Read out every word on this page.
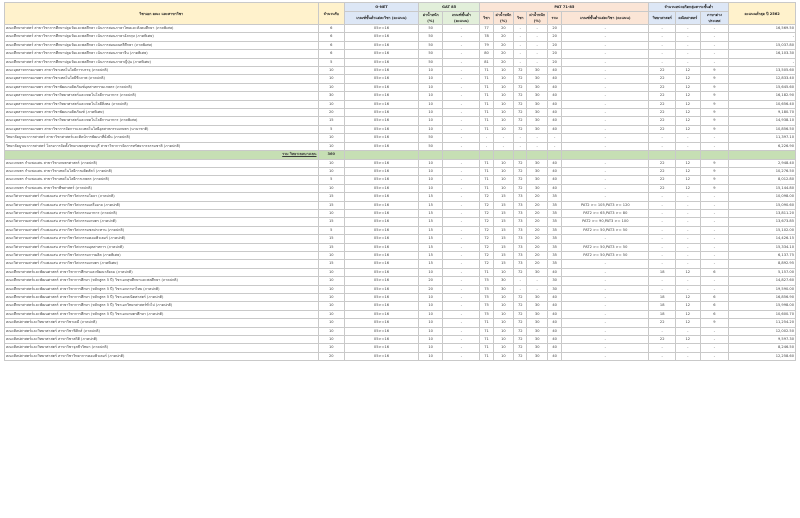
วิชาเอก คณะ และสาขาวิชา	จำนวนรับ	O-NET	GAT 85		PAT 71-85						จำนวนหน่วยกิตกลุ่มสาระขั้นต่ำ			คะแนนต่ำสุด ปี 2562
		เกณฑ์ขั้นต่ำแต่ละวิชา (คะแนน)	ค่าน้ำหนัก (%)	เกณฑ์ขั้นต่ำ (คะแนน)	วิชา	ค่าน้ำหนัก (%)	วิชา	ค่าน้ำหนัก (%)	รวม	เกณฑ์ขั้นต่ำแต่ละวิชา (คะแนน)	วิทยาศาสตร์	คณิตศาสตร์	ภาษาต่างประเทศ	

คณะศึกษาศาสตร์ สาขาวิชาการศึกษาปฐมวัยและพลศึกษา เน้นการสอนภาษาไทยและสังคมศึกษา (ภาคพิเศษ)	6	05>=16	50	-	77	20	-	-	20	-	-	-	-	16,569.50
คณะศึกษาศาสตร์ สาขาวิชาการศึกษาปฐมวัยและพลศึกษา เน้นการสอนภาษาอังกฤษ (ภาคพิเศษ)	6	05>=16	50	-	78	20	-	-	20	-	-	-	-	-
คณะศึกษาศาสตร์ สาขาวิชาการศึกษาปฐมวัยและพลศึกษา เน้นการสอนดนตรีศึกษา (ภาคพิเศษ)	6	05>=16	50	-	79	20	-	-	20	-	-	-	-	15,037.80
คณะศึกษาศาสตร์ สาขาวิชาการศึกษาปฐมวัยและพลศึกษา เน้นการสอนภาษาจีน (ภาคพิเศษ)	6	05>=16	50	-	80	20	-	-	20	-	-	-	-	16,103.30
คณะศึกษาศาสตร์ สาขาวิชาการศึกษาปฐมวัยและพลศึกษา เน้นการสอนภาษาญี่ปุ่น (ภาคพิเศษ)	5	05>=16	50	-	81	20	-	-	20	-	-	-	-	-
คณะอุตสาหกรรมเกษตร สาขาวิชาเทคโนโลยีการบรรจุ (ภาคปกติ)	10	05>=16	10	-	71	10	72	30	40	-	22	12	9	13,505.60
คณะอุตสาหกรรมเกษตร สาขาวิชาเทคโนโลยีชีวภาพ (ภาคปกติ)	10	05>=16	10	-	71	10	72	30	40	-	22	12	9	12,833.40
คณะอุตสาหกรรมเกษตร สาขาวิชาพัฒนาผลิตภัณฑ์อุตสาหกรรมเกษตร (ภาคปกติ)	10	05>=16	10	-	71	10	72	30	40	-	22	12	9	15,645.60
คณะอุตสาหกรรมเกษตร สาขาวิชาวิทยาศาสตร์และเทคโนโลยีการอาหาร (ภาคปกติ)	30	05>=16	10	-	71	10	72	30	40	-	22	12	9	16,182.90
คณะอุตสาหกรรมเกษตร สาขาวิชาวิทยาศาสตร์และเทคโนโลยีสิ่งทอ (ภาคปกติ)	10	05>=16	10	-	71	10	72	30	40	-	22	12	9	10,656.40
คณะอุตสาหกรรมเกษตร สาขาวิชาพัฒนาผลิตภัณฑ์ (ภาคพิเศษ)	20	05>=16	10	-	71	10	72	30	40	-	22	12	9	9,180.70
คณะอุตสาหกรรมเกษตร สาขาวิชาวิทยาศาสตร์และเทคโนโลยีการอาหาร (ภาคพิเศษ)	15	05>=16	10	-	71	10	72	30	40	-	22	12	9	14,938.10
คณะอุตสาหกรรมเกษตร สาขาวิชาการจัดการและเทคโนโลยีอุตสาหกรรมเกษตร (นานาชาติ)	5	05>=16	10	-	71	10	72	30	40	-	22	12	9	10,856.50
วิทยาลัยบูรณาการศาสตร์ สาขาวิชาศาสตร์และศิลป์การพัฒนาที่ยั่งยืน (ภาคปกติ)	10	05>=16	50	-	-	-	-	-	-	-	-	-	-	11,397.10
วิทยาลัยบูรณาการศาสตร์ โครงการจัดตั้งวิทยาเขตสุพรรณบุรี สาขาวิชาการจัดการทรัพยากรธรรมชาติ (ภาคปกติ)	10	05>=16	50	-	-	-	-	-	-	-	-	-	-	6,226.90
รวม วิทยาเขตบางเขน	360													
คณะเกษตร กำแพงแสน สาขาวิชาเกษตรศาสตร์ (ภาคปกติ)	10	05>=16	10	-	71	10	72	30	40	-	22	12	9	2,948.40
คณะเกษตร กำแพงแสน สาขาวิชาเทคโนโลยีการผลิตสัตว์ (ภาคปกติ)	10	05>=16	10	-	71	10	72	30	40	-	22	12	9	10,276.50
คณะเกษตร กำแพงแสน สาขาวิชาเทคโนโลยีการเกษตร (ภาคปกติ)	5	05>=16	10	-	71	10	72	30	40	-	22	12	9	8,012.80
คณะเกษตร กำแพงแสน สาขาวิชาพืชศาสตร์ (ภาคปกติ)	10	05>=16	10	-	71	10	72	30	40	-	22	12	9	15,144.80
คณะวิศวกรรมศาสตร์ กำแพงแสน สาขาวิชาวิศวกรรมโยธา (ภาคปกติ)	15	05>=16	15	-	72	15	73	20	35	-	-	-	-	10,098.00
คณะวิศวกรรมศาสตร์ กำแพงแสน สาขาวิชาวิศวกรรมเครื่องกล (ภาคปกติ)	15	05>=16	15	-	72	15	73	20	35	PAT2 >= 105,PAT3 >= 120	-	-	-	15,090.60
คณะวิศวกรรมศาสตร์ กำแพงแสน สาขาวิชาวิศวกรรมอาหาร (ภาคปกติ)	10	05>=16	15	-	72	15	73	20	35	PAT2 >= 65,PAT3 >= 80	-	-	-	13,811.20
คณะวิศวกรรมศาสตร์ กำแพงแสน สาขาวิชาวิศวกรรมเกษตร (ภาคปกติ)	15	05>=16	15	-	72	15	73	20	35	PAT2 >= 90,PAT3 >= 100	-	-	-	13,673.85
คณะวิศวกรรมศาสตร์ กำแพงแสน สาขาวิชาวิศวกรรมชลประทาน (ภาคปกติ)	5	05>=16	15	-	72	15	73	20	35	PAT2 >= 50,PAT3 >= 50	-	-	-	15,102.00
คณะวิศวกรรมศาสตร์ กำแพงแสน สาขาวิชาวิศวกรรมคอมพิวเตอร์ (ภาคปกติ)	15	05>=16	15	-	72	15	73	20	35	-	-	-	-	14,426.15
คณะวิศวกรรมศาสตร์ กำแพงแสน สาขาวิชาวิศวกรรมอุตสาหการ (ภาคปกติ)	15	05>=16	15	-	72	15	73	20	35	PAT2 >= 50,PAT3 >= 50	-	-	-	15,334.10
คณะวิศวกรรมศาสตร์ กำแพงแสน สาขาวิชาวิศวกรรมการผลิต (ภาคพิเศษ)	10	05>=16	15	-	72	15	73	20	35	PAT2 >= 50,PAT3 >= 50	-	-	-	6,137.75
คณะวิศวกรรมศาสตร์ กำแพงแสน สาขาวิชาวิศวกรรมเกษตร (ภาคพิเศษ)	15	05>=16	15	-	72	15	73	20	35	-	-	-	-	8,892.95
คณะศึกษาศาสตร์และพัฒนศาสตร์ สาขาวิชาการศึกษาและพัฒนาสังคม (ภาคปกติ)	10	05>=16	10	-	71	10	72	30	40	-	18	12	6	5,157.00
คณะศึกษาศาสตร์และพัฒนศาสตร์ สาขาวิชาการศึกษา (หลักสูตร 5 ปี) วิชาเอกสุขศึกษาและพลศึกษา (ภาคปกติ)	10	05>=16	20	-	75	30	-	-	30	-	-	-	-	14,827.60
คณะศึกษาศาสตร์และพัฒนศาสตร์ สาขาวิชาการศึกษา (หลักสูตร 5 ปี) วิชาเอกภาษาไทย (ภาคปกติ)	10	05>=16	20	-	75	30	-	-	30	-	-	-	-	19,590.00
คณะศึกษาศาสตร์และพัฒนศาสตร์ สาขาวิชาการศึกษา (หลักสูตร 5 ปี) วิชาเอกคณิตศาสตร์ (ภาคปกติ)	10	05>=16	10	-	75	10	72	30	40	-	18	12	6	16,856.90
คณะศึกษาศาสตร์และพัฒนศาสตร์ สาขาวิชาการศึกษา (หลักสูตร 5 ปี) วิชาเอกวิทยาศาสตร์ทั่วไป (ภาคปกติ)	10	05>=16	10	-	75	10	72	30	40	-	18	12	6	15,998.00
คณะศึกษาศาสตร์และพัฒนศาสตร์ สาขาวิชาการศึกษา (หลักสูตร 5 ปี) วิชาเอกเกษตรศึกษา (ภาคปกติ)	10	05>=16	10	-	75	10	72	30	40	-	18	12	6	10,600.70
คณะศิลปศาสตร์และวิทยาศาสตร์ สาขาวิชาเคมี (ภาคปกติ)	10	05>=16	10	-	71	10	72	30	40	-	22	12	9	11,254.20
คณะศิลปศาสตร์และวิทยาศาสตร์ สาขาวิชาฟิสิกส์ (ภาคปกติ)	10	05>=16	10	-	71	10	72	30	40	-	-	-	-	12,002.50
คณะศิลปศาสตร์และวิทยาศาสตร์ สาขาวิชาสถิติ (ภาคปกติ)	10	05>=16	10	-	71	10	72	30	40	-	22	12	-	9,597.30
คณะศิลปศาสตร์และวิทยาศาสตร์ สาขาวิชาจุลชีววิทยา (ภาคปกติ)	10	05>=16	10	-	71	10	72	30	40	-	-	-	-	8,246.50
คณะศิลปศาสตร์และวิทยาศาสตร์ สาขาวิชาวิทยาการคอมพิวเตอร์ (ภาคปกติ)	20	05>=16	10	-	71	10	72	30	40	-	-	-	-	12,258.60
